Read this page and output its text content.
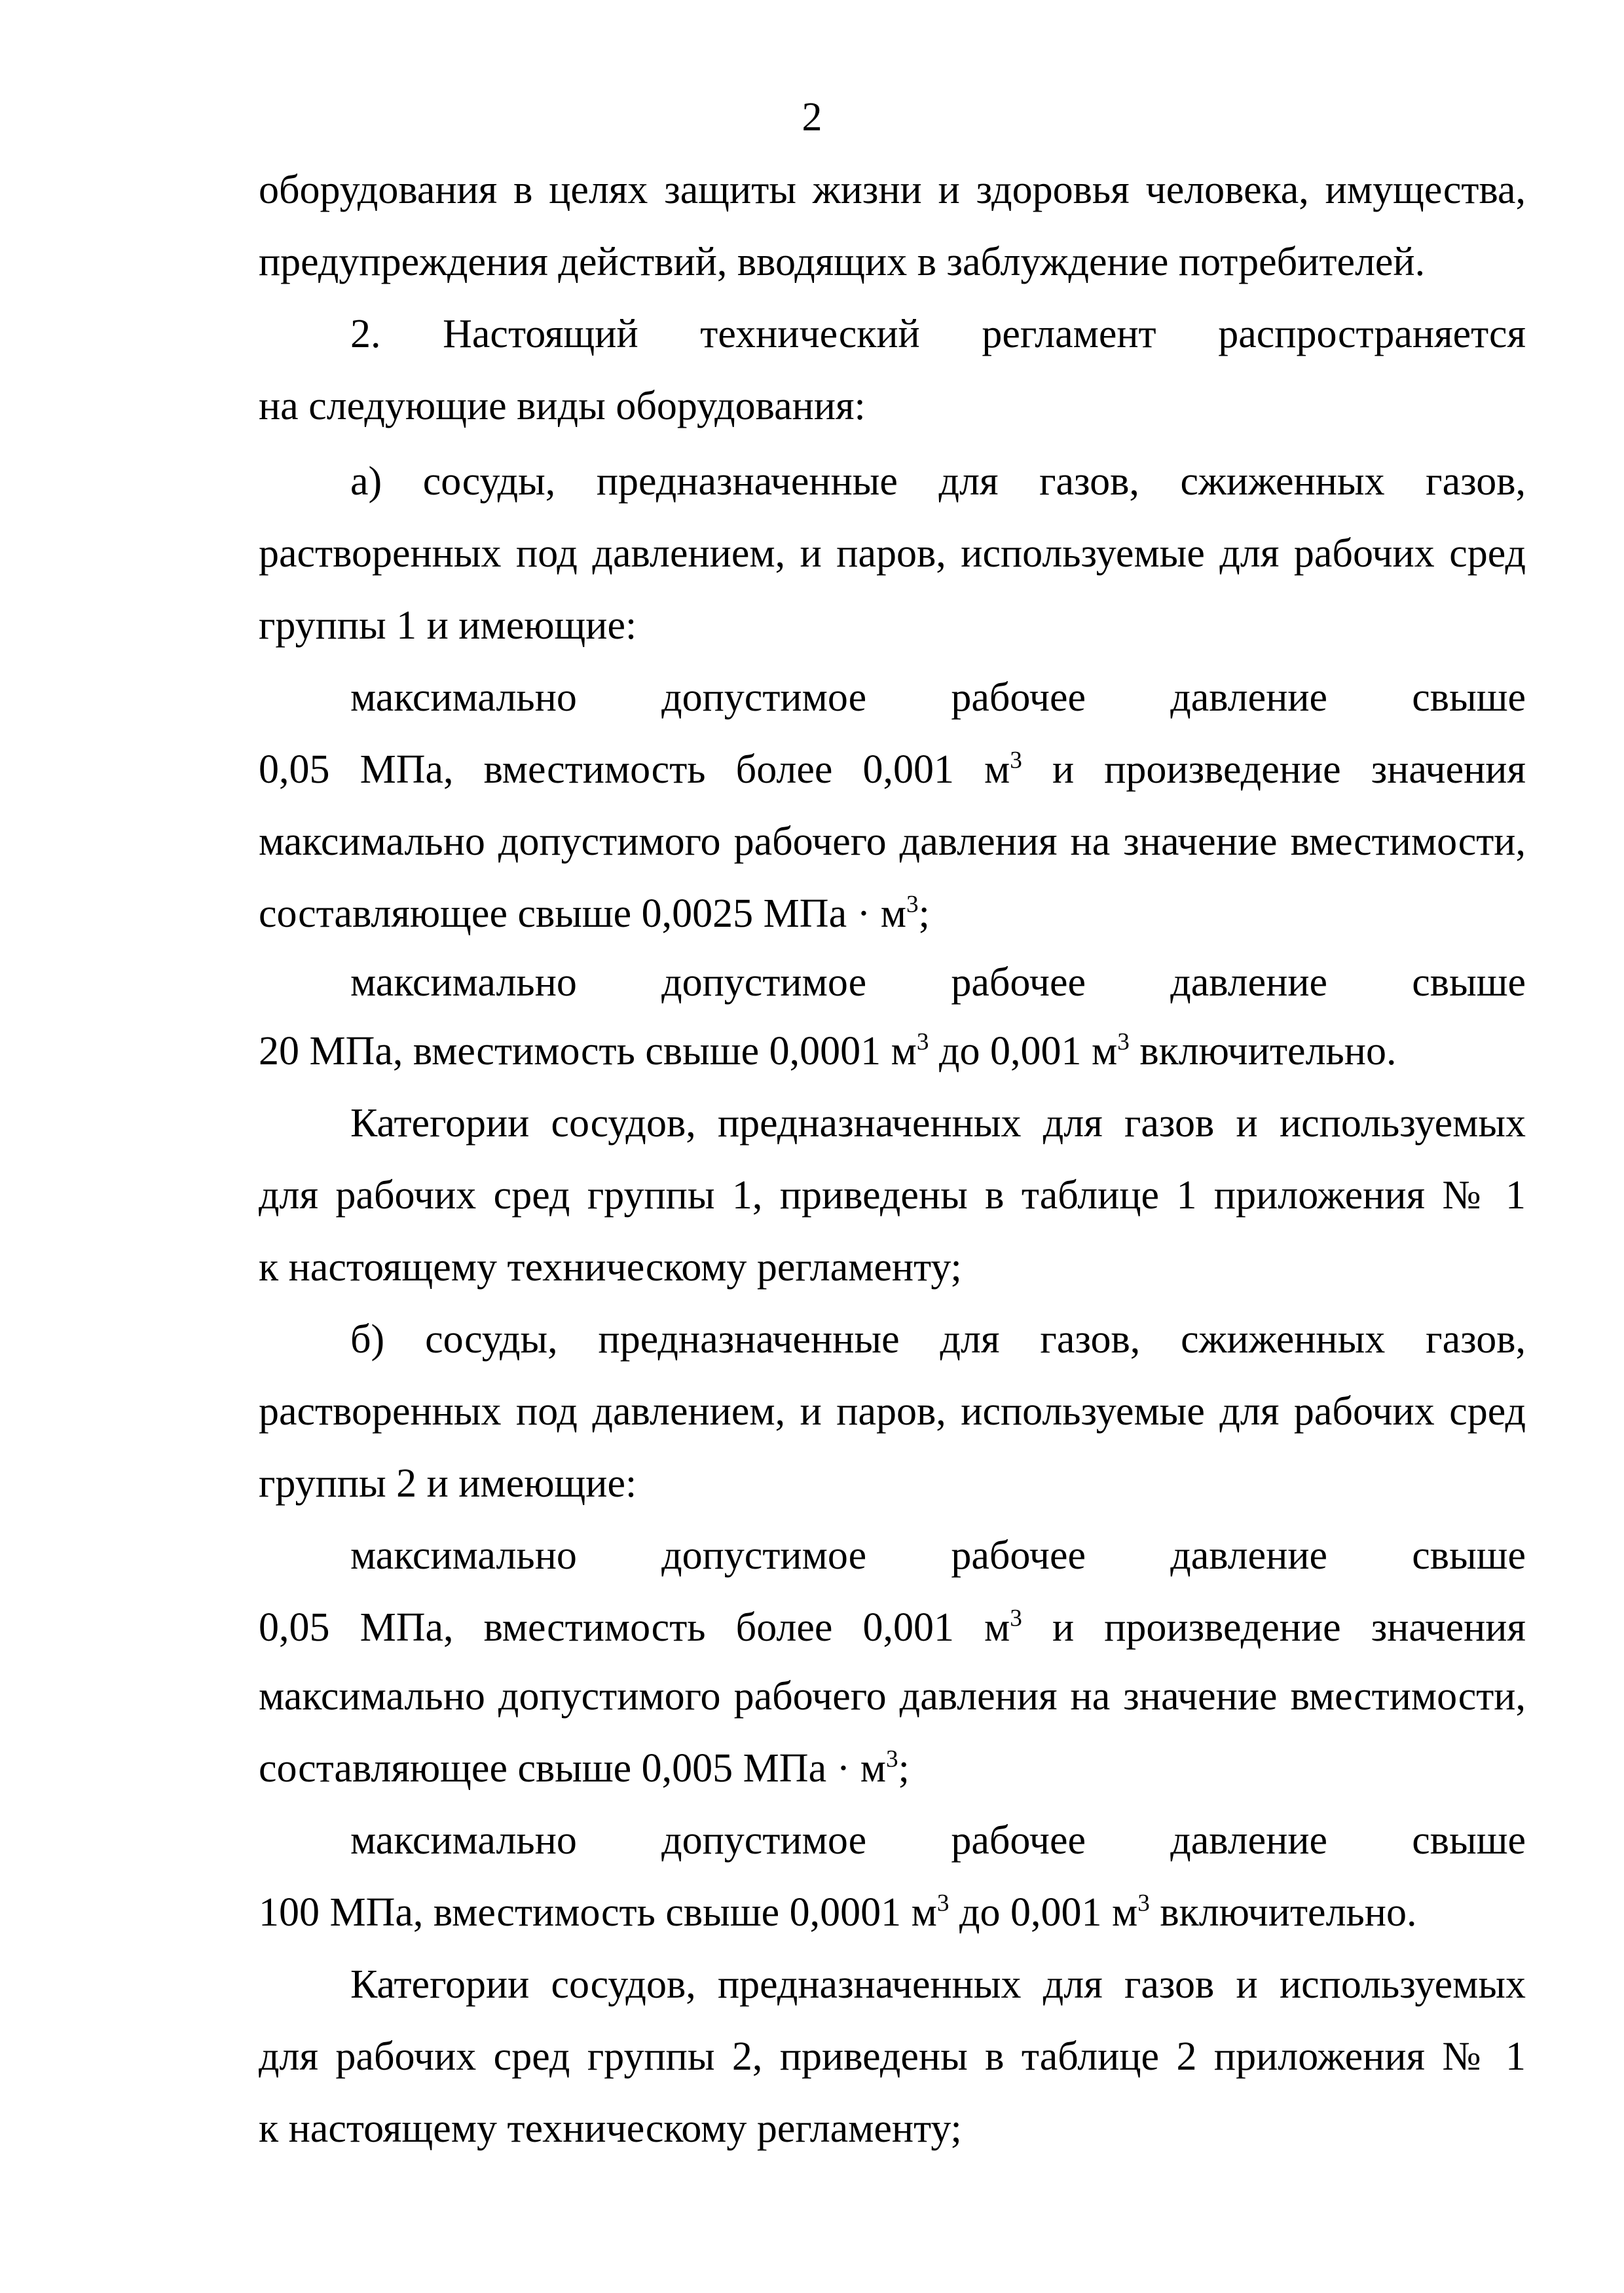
2
оборудования в целях защиты жизни и здоровья человека, имущества,
предупреждения действий, вводящих в заблуждение потребителей.
2. Настоящий технический регламент распространяется
на следующие виды оборудования:
а) сосуды, предназначенные для газов, сжиженных газов,
растворенных под давлением, и паров, используемые для рабочих сред
группы 1 и имеющие:
максимально допустимое рабочее давление свыше
0,05 МПа, вместимость более 0,001 $м^3$ и произведение значения
максимально допустимого рабочего давления на значение вместимости,
составляющее свыше 0,0025 МПа · $м^3$;
максимально допустимое рабочее давление свыше
20 МПа, вместимость свыше 0,0001 $м^3$ до 0,001 $м^3$ включительно.
Категории сосудов, предназначенных для газов и используемых
для рабочих сред группы 1, приведены в таблице 1 приложения № 1
к настоящему техническому регламенту;
б) сосуды, предназначенные для газов, сжиженных газов,
растворенных под давлением, и паров, используемые для рабочих сред
группы 2 и имеющие:
максимально допустимое рабочее давление свыше
0,05 МПа, вместимость более 0,001 $м^3$ и произведение значения
максимально допустимого рабочего давления на значение вместимости,
составляющее свыше 0,005 МПа · $м^3$;
максимально допустимое рабочее давление свыше
100 МПа, вместимость свыше 0,0001 $м^3$ до 0,001 $м^3$ включительно.
Категории сосудов, предназначенных для газов и используемых
для рабочих сред группы 2, приведены в таблице 2 приложения № 1
к настоящему техническому регламенту;
